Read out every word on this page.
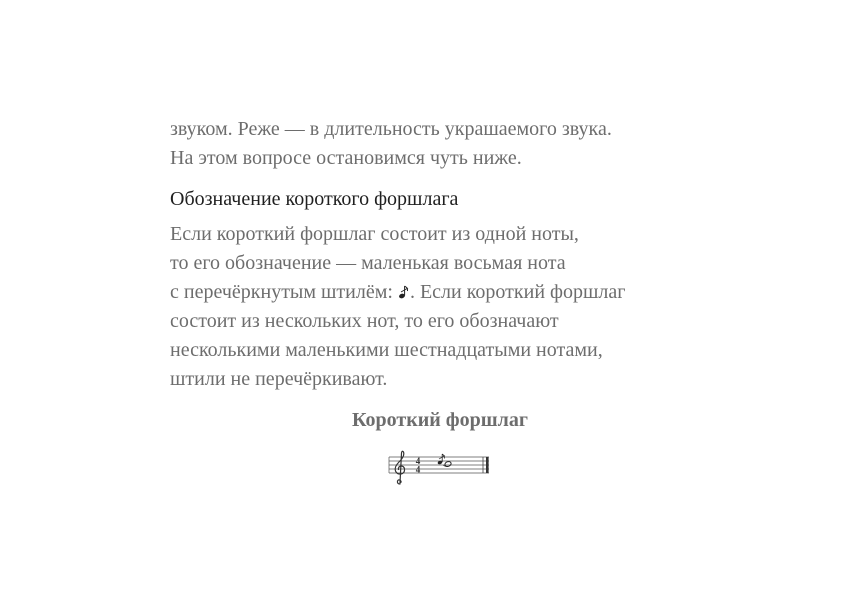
звуком. Реже — в длительность украшаемого звука.
На этом вопросе остановимся чуть ниже.
Обозначение короткого форшлага
Если короткий форшлаг состоит из одной ноты,
то его обозначение — маленькая восьмая нота
с перечёркнутым штилём: . Если короткий форшлаг
состоит из нескольких нот, то его обозначают
несколькими маленькими шестнадцатыми нотами,
штили не перечёркивают.
Короткий форшлаг
4
4
